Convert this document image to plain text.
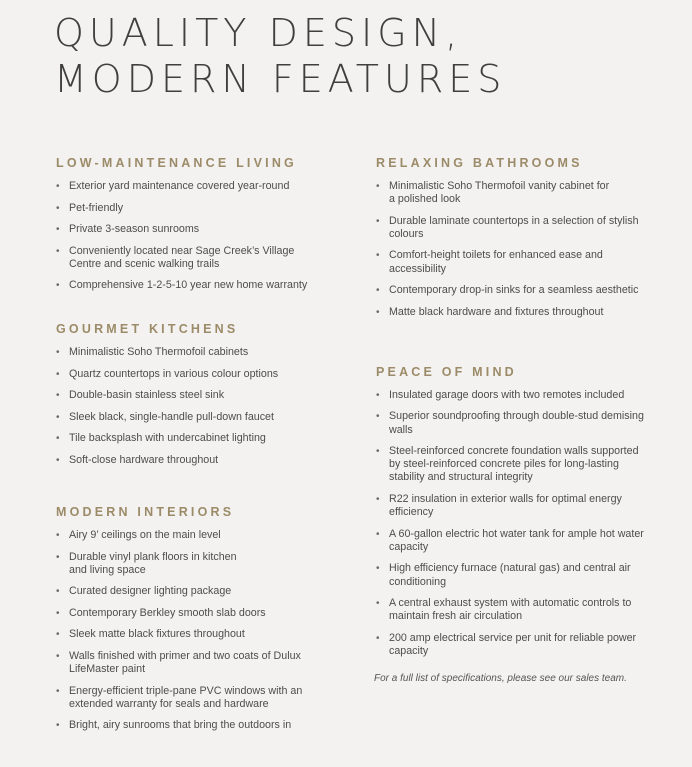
QUALITY DESIGN,
MODERN FEATURES
LOW-MAINTENANCE LIVING
• Exterior yard maintenance covered year-round
• Pet-friendly
• Private 3-season sunrooms
• Conveniently located near Sage Creek’s Village Centre and scenic walking trails
• Comprehensive 1-2-5-10 year new home warranty
GOURMET KITCHENS
• Minimalistic Soho Thermofoil cabinets
• Quartz countertops in various colour options
• Double-basin stainless steel sink
• Sleek black, single-handle pull-down faucet
• Tile backsplash with undercabinet lighting
• Soft-close hardware throughout
MODERN INTERIORS
• Airy 9’ ceilings on the main level
• Durable vinyl plank floors in kitchen and living space
• Curated designer lighting package
• Contemporary Berkley smooth slab doors
• Sleek matte black fixtures throughout
• Walls finished with primer and two coats of Dulux LifeMaster paint
• Energy-efficient triple-pane PVC windows with an extended warranty for seals and hardware
• Bright, airy sunrooms that bring the outdoors in
RELAXING BATHROOMS
• Minimalistic Soho Thermofoil vanity cabinet for a polished look
• Durable laminate countertops in a selection of stylish colours
• Comfort-height toilets for enhanced ease and accessibility
• Contemporary drop-in sinks for a seamless aesthetic
• Matte black hardware and fixtures throughout
PEACE OF MIND
• Insulated garage doors with two remotes included
• Superior soundproofing through double-stud demising walls
• Steel-reinforced concrete foundation walls supported by steel-reinforced concrete piles for long-lasting stability and structural integrity
• R22 insulation in exterior walls for optimal energy efficiency
• A 60-gallon electric hot water tank for ample hot water capacity
• High efficiency furnace (natural gas) and central air conditioning
• A central exhaust system with automatic controls to maintain fresh air circulation
• 200 amp electrical service per unit for reliable power capacity
For a full list of specifications, please see our sales team.
